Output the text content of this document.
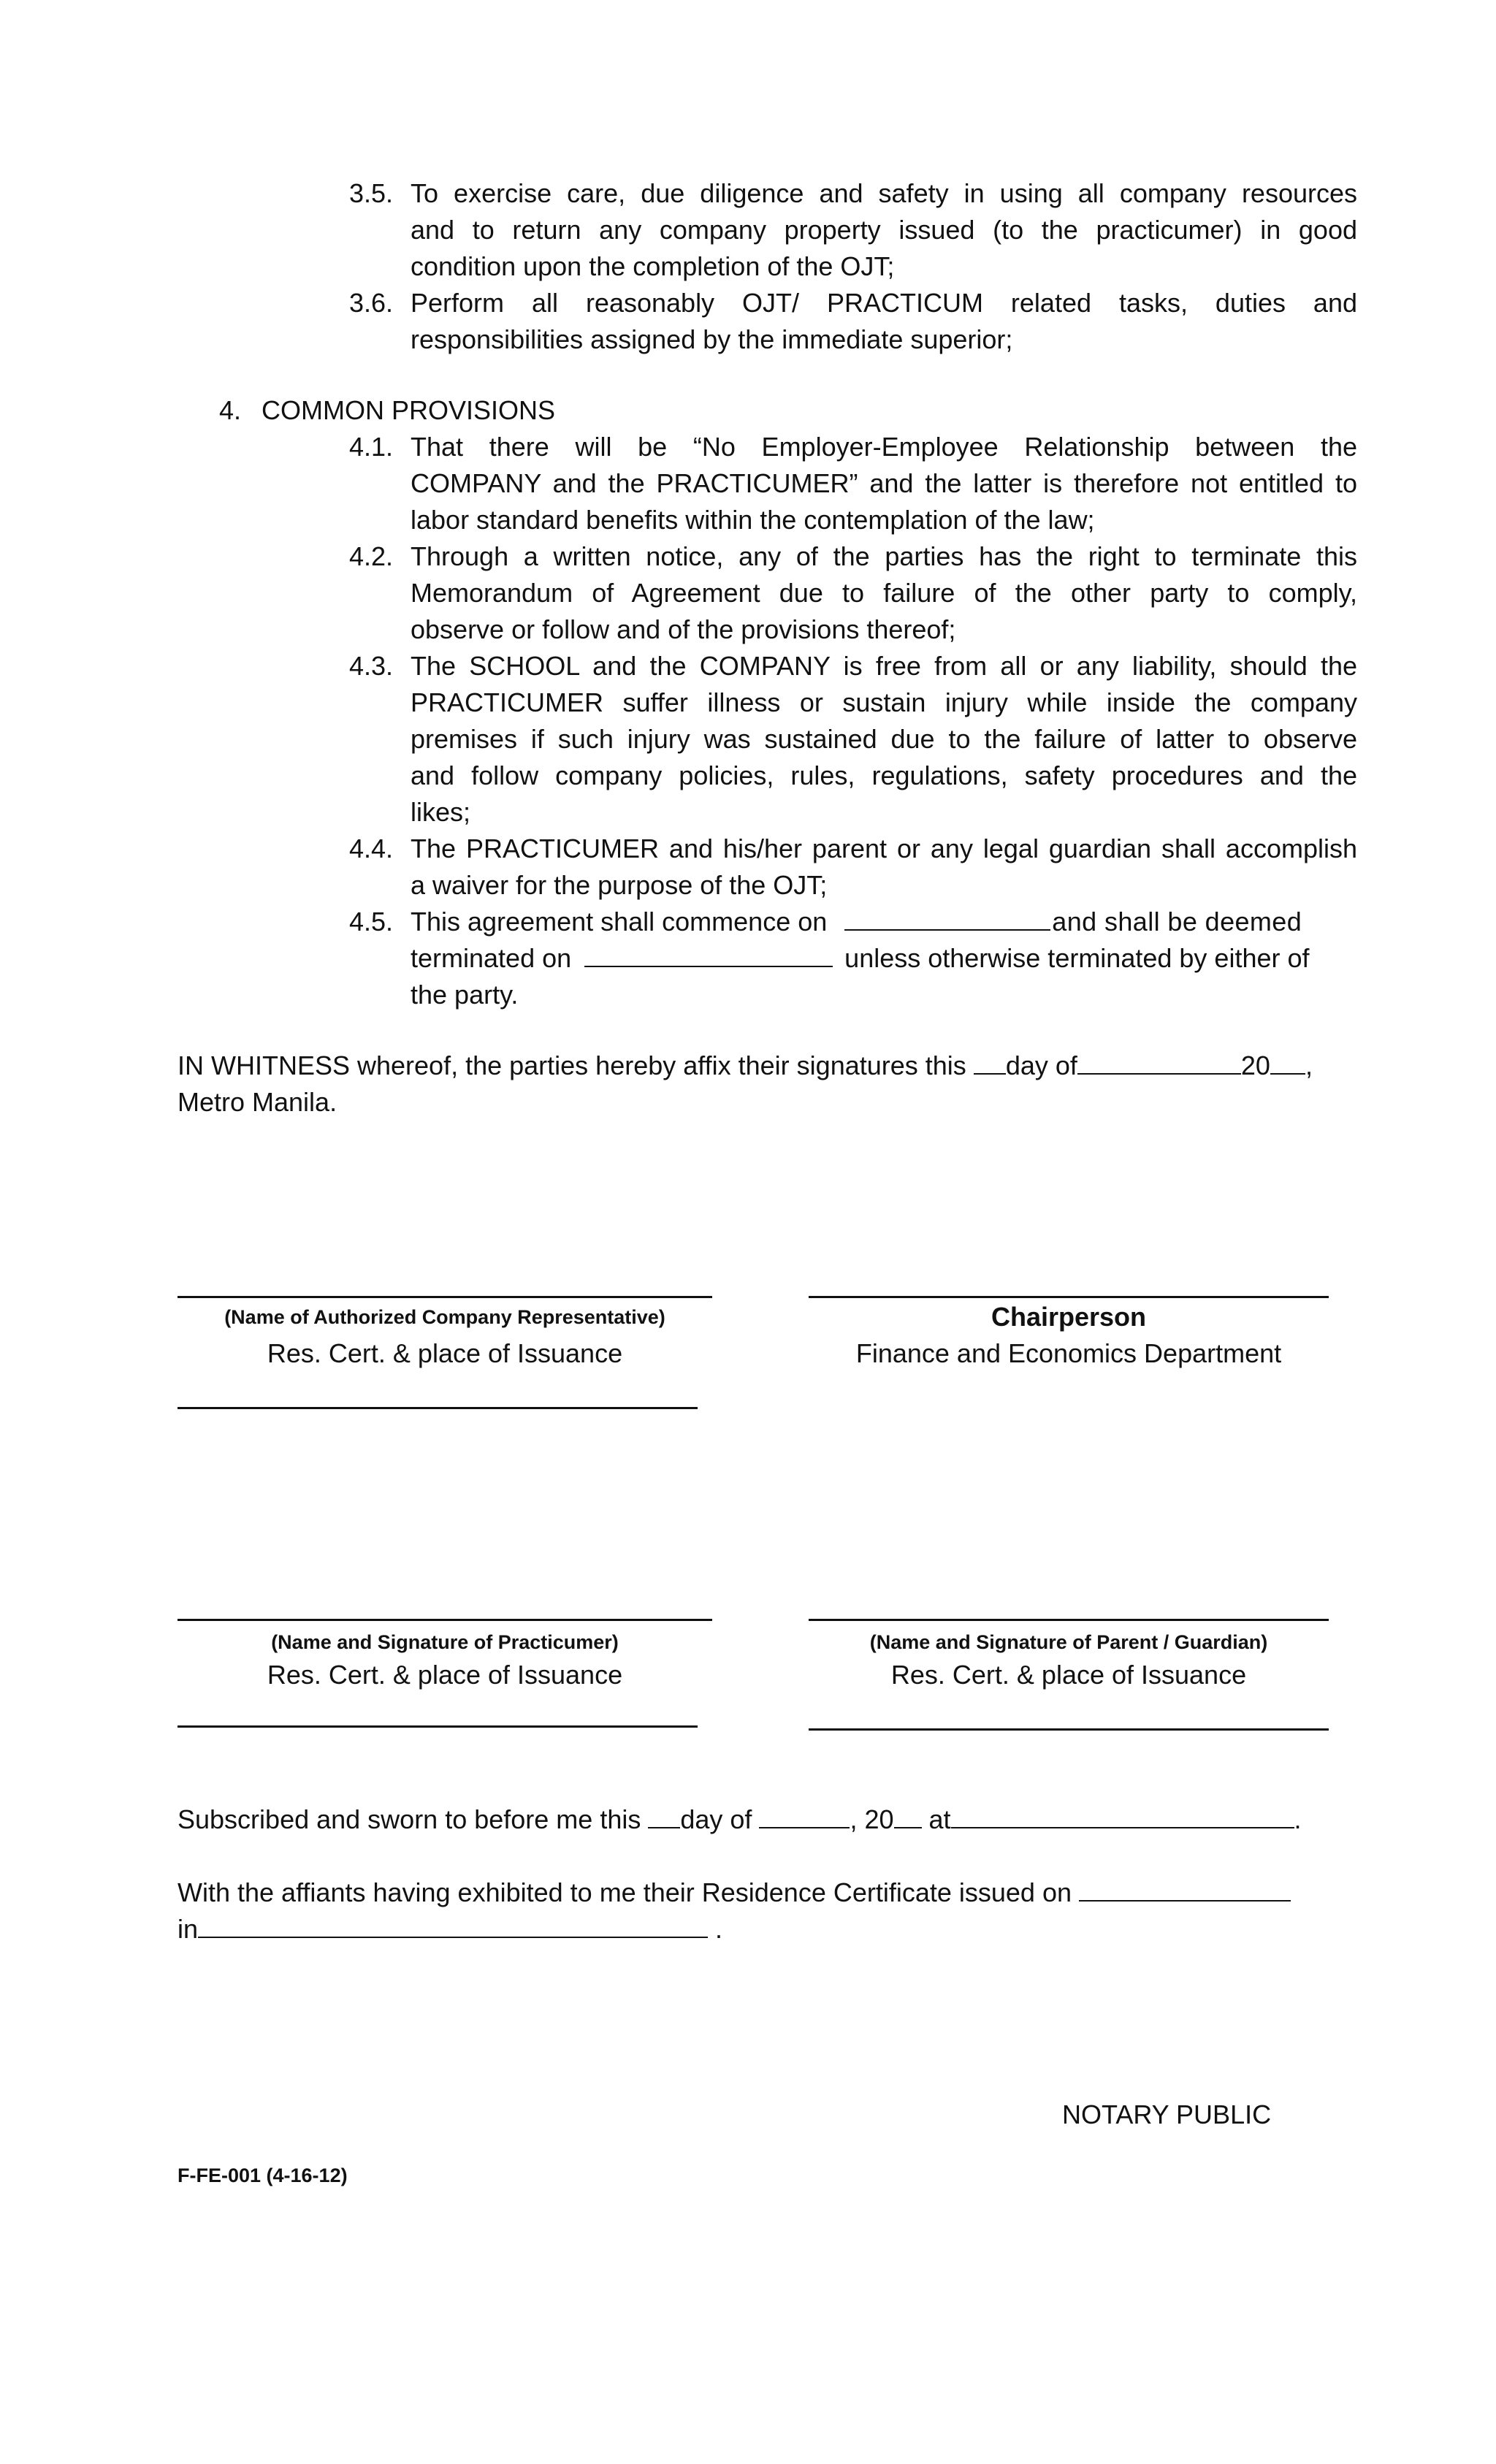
3.5. To exercise care, due diligence and safety in using all company resources
and to return any company property issued (to the practicumer) in good
condition upon the completion of the OJT;
3.6. Perform all reasonably OJT/ PRACTICUM related tasks, duties and
responsibilities assigned by the immediate superior;
4. COMMON PROVISIONS
4.1. That there will be “No Employer-Employee Relationship between the
COMPANY and the PRACTICUMER” and the latter is therefore not entitled to
labor standard benefits within the contemplation of the law;
4.2. Through a written notice, any of the parties has the right to terminate this
Memorandum of Agreement due to failure of the other party to comply,
observe or follow and of the provisions thereof;
4.3. The SCHOOL and the COMPANY is free from all or any liability, should the
PRACTICUMER suffer illness or sustain injury while inside the company
premises if such injury was sustained due to the failure of latter to observe
and follow company policies, rules, regulations, safety procedures and the
likes;
4.4. The PRACTICUMER and his/her parent or any legal guardian shall accomplish
a waiver for the purpose of the OJT;
4.5. This agreement shall commence on	and shall be deemed
terminated on	unless otherwise terminated by either of
the party.
IN WHITNESS whereof, the parties hereby affix their signatures this day of	20 ,
Metro Manila.
(Name of Authorized Company Representative)
Res. Cert. & place of Issuance
Chairperson
Finance and Economics Department
(Name and Signature of Practicumer)
Res. Cert. & place of Issuance
(Name and Signature of Parent / Guardian)
Res. Cert. & place of Issuance
Subscribed and sworn to before me this day of	, 20 at	.
With the affiants having exhibited to me their Residence Certificate issued on
in	.
NOTARY PUBLIC
F-FE-001 (4-16-12)
